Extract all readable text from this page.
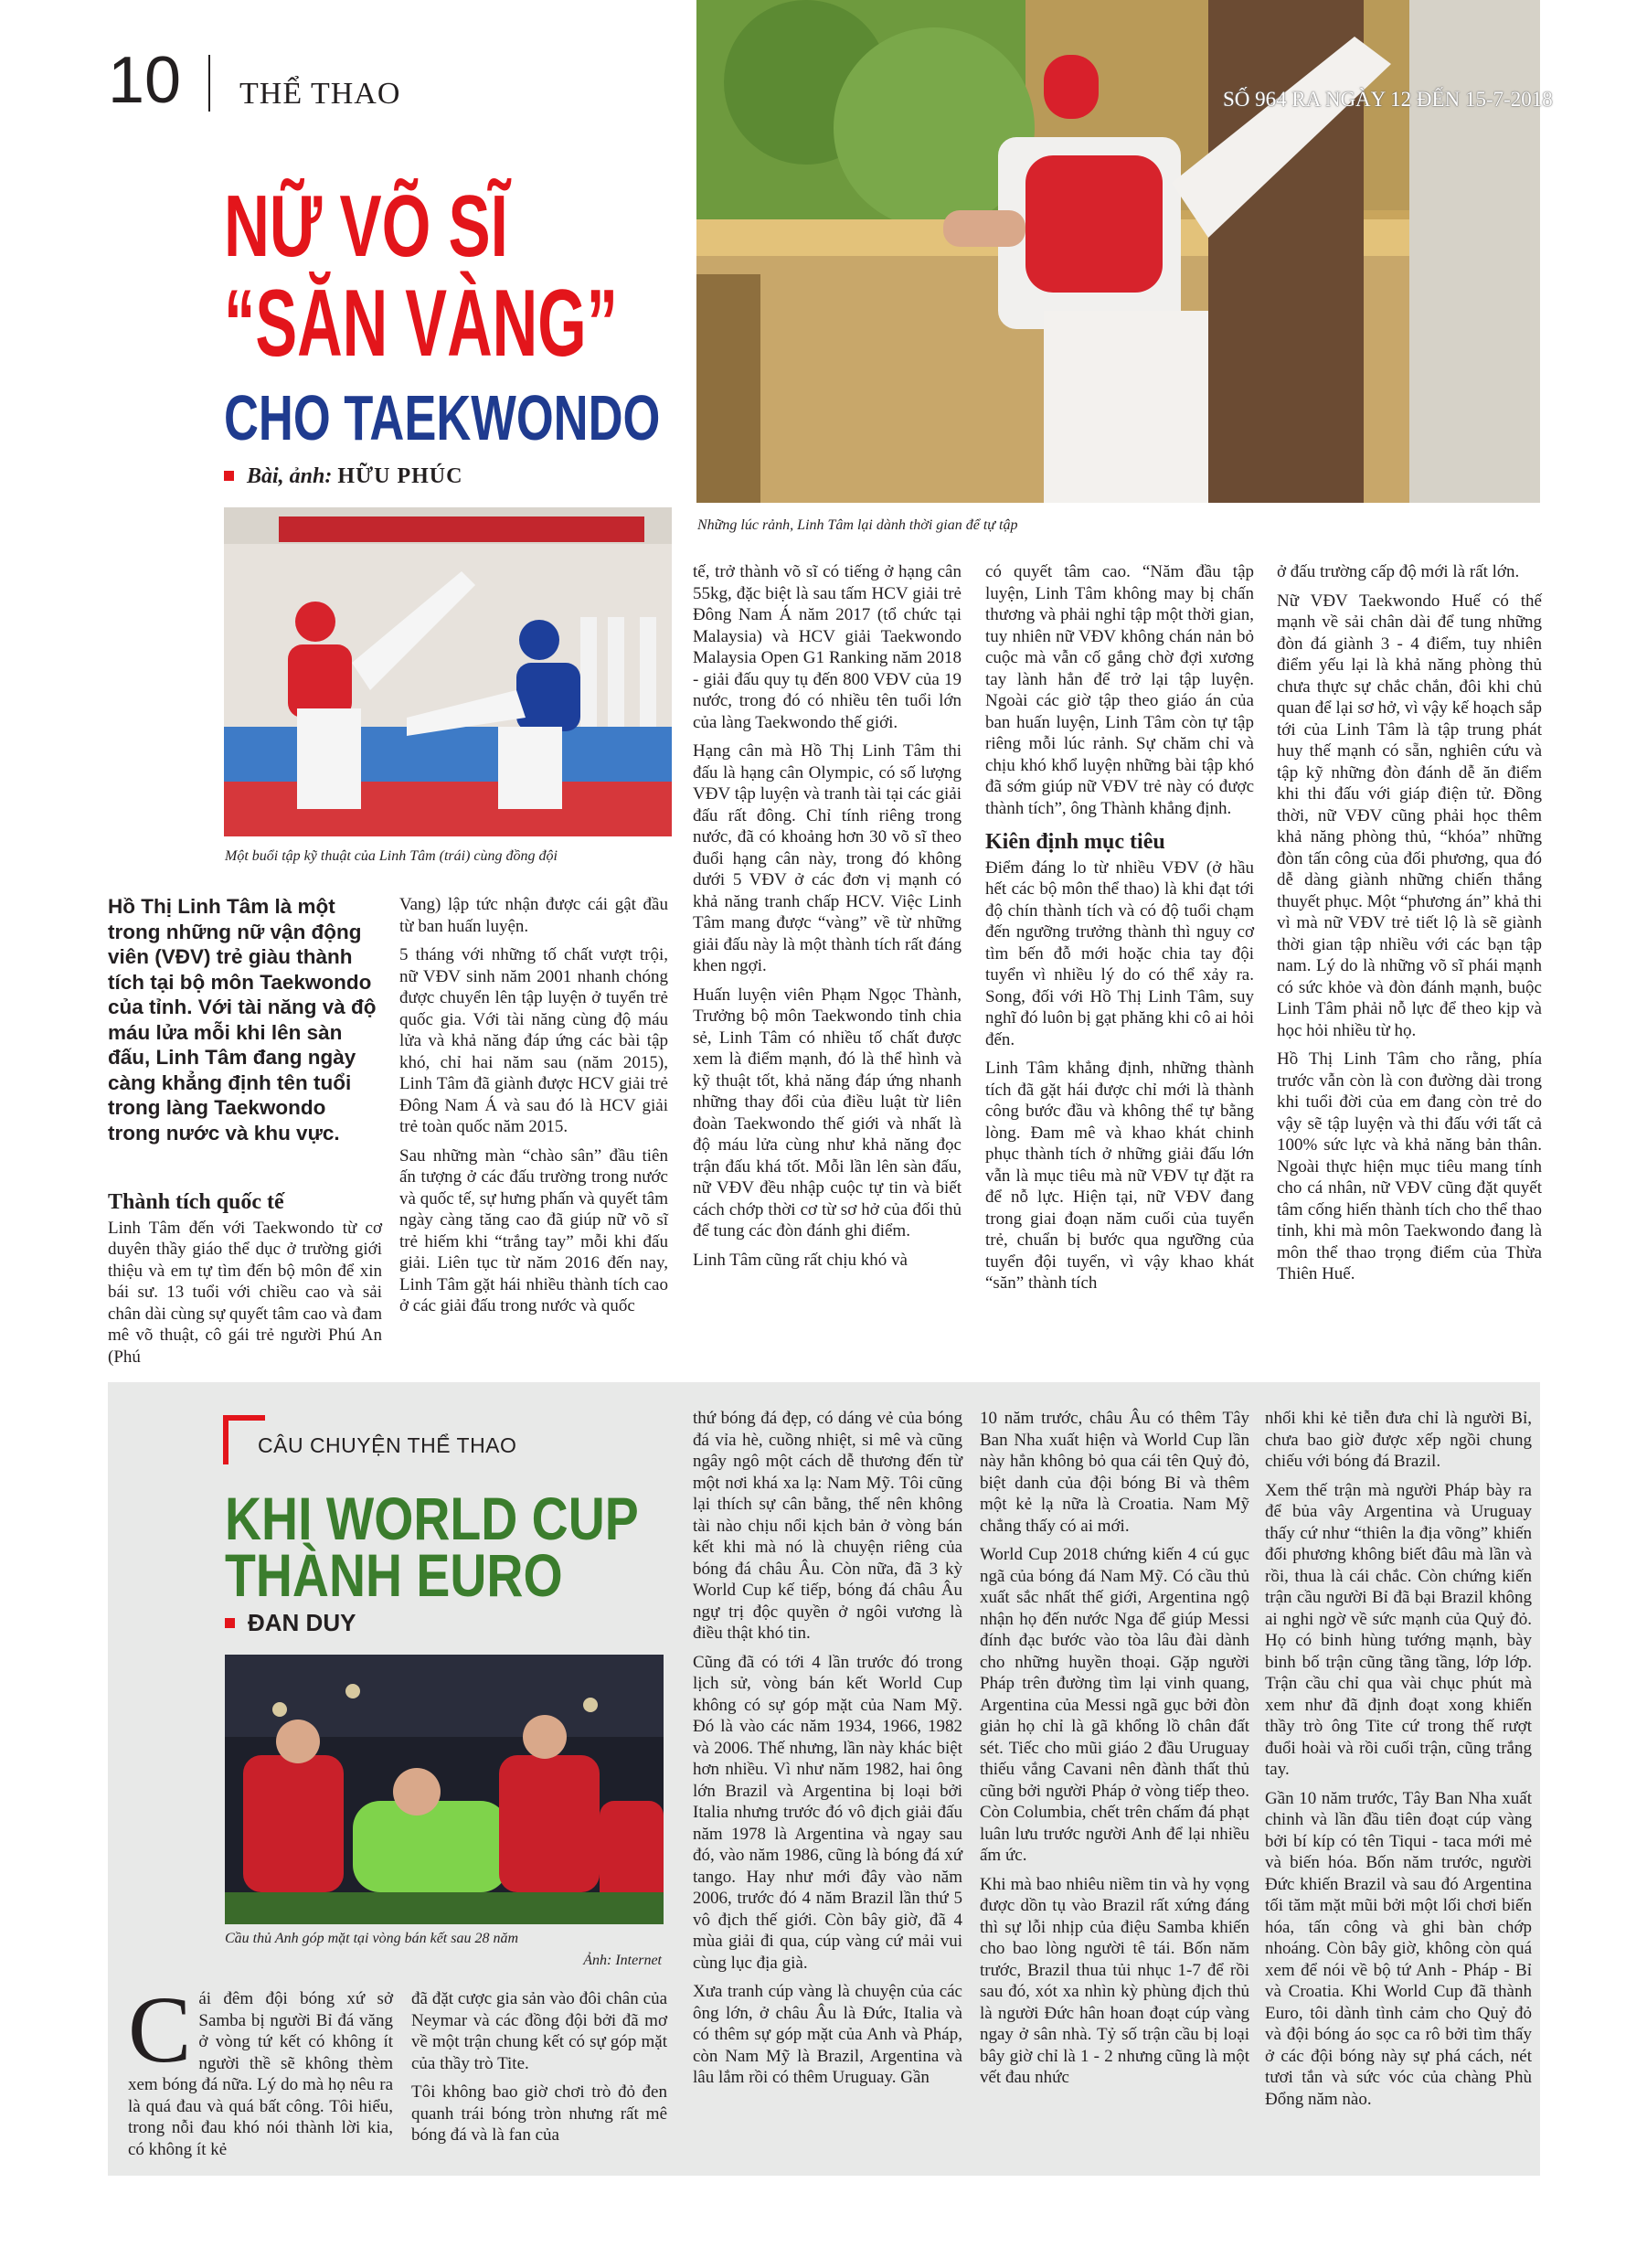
10 THỂ THAO	SỐ 964 RA NGÀY 12 ĐẾN 15-7-2018
Những lúc rảnh, Linh Tâm lại dành thời gian để tự tập
NỮ VÕ SĨ
“SĂN VÀNG”
CHO TAEKWONDO
Bài, ảnh: HỮU PHÚC
Một buổi tập kỹ thuật của Linh Tâm (trái) cùng đồng đội
Hồ Thị Linh Tâm là một trong những nữ vận động viên (VĐV) trẻ giàu thành tích tại bộ môn Taekwondo của tỉnh. Với tài năng và độ máu lửa mỗi khi lên sàn đấu, Linh Tâm đang ngày càng khẳng định tên tuổi trong làng Taekwondo trong nước và khu vực.
Thành tích quốc tế

Linh Tâm đến với Taekwondo từ cơ duyên thầy giáo thể dục ở trường giới thiệu và em tự tìm đến bộ môn để xin bái sư. 13 tuổi với chiều cao và sải chân dài cùng sự quyết tâm cao và đam mê võ thuật, cô gái trẻ người Phú An (Phú

Vang) lập tức nhận được cái gật đầu từ ban huấn luyện.

5 tháng với những tố chất vượt trội, nữ VĐV sinh năm 2001 nhanh chóng được chuyển lên tập luyện ở tuyển trẻ quốc gia. Với tài năng cùng độ máu lửa và khả năng đáp ứng các bài tập khó, chỉ hai năm sau (năm 2015), Linh Tâm đã giành được HCV giải trẻ Đông Nam Á và sau đó là HCV giải trẻ toàn quốc năm 2015.

Sau những màn “chào sân” đầu tiên ấn tượng ở các đấu trường trong nước và quốc tế, sự hưng phấn và quyết tâm ngày càng tăng cao đã giúp nữ võ sĩ trẻ hiếm khi “trắng tay” mỗi khi đấu giải. Liên tục từ năm 2016 đến nay, Linh Tâm gặt hái nhiều thành tích cao ở các giải đấu trong nước và quốc

tế, trở thành võ sĩ có tiếng ở hạng cân 55kg, đặc biệt là sau tấm HCV giải trẻ Đông Nam Á năm 2017 (tổ chức tại Malaysia) và HCV giải Taekwondo Malaysia Open G1 Ranking năm 2018 - giải đấu quy tụ đến 800 VĐV của 19 nước, trong đó có nhiều tên tuổi lớn của làng Taekwondo thế giới.

Hạng cân mà Hồ Thị Linh Tâm thi đấu là hạng cân Olympic, có số lượng VĐV tập luyện và tranh tài tại các giải đấu rất đông. Chỉ tính riêng trong nước, đã có khoảng hơn 30 võ sĩ theo đuổi hạng cân này, trong đó không dưới 5 VĐV ở các đơn vị mạnh có khả năng tranh chấp HCV. Việc Linh Tâm mang được “vàng” về từ những giải đấu này là một thành tích rất đáng khen ngợi.

Huấn luyện viên Phạm Ngọc Thành, Trưởng bộ môn Taekwondo tỉnh chia sẻ, Linh Tâm có nhiều tố chất được xem là điểm mạnh, đó là thể hình và kỹ thuật tốt, khả năng đáp ứng nhanh những thay đổi của điều luật từ liên đoàn Taekwondo thế giới và nhất là độ máu lửa cùng như khả năng đọc trận đấu khá tốt. Mỗi lần lên sàn đấu, nữ VĐV đều nhập cuộc tự tin và biết cách chớp thời cơ từ sơ hở của đối thủ để tung các đòn đánh ghi điểm.

Linh Tâm cũng rất chịu khó và

có quyết tâm cao. “Năm đầu tập luyện, Linh Tâm không may bị chấn thương và phải nghỉ tập một thời gian, tuy nhiên nữ VĐV không chán nản bỏ cuộc mà vẫn cố gắng chờ đợi xương tay lành hẳn để trở lại tập luyện. Ngoài các giờ tập theo giáo án của ban huấn luyện, Linh Tâm còn tự tập riêng mỗi lúc rảnh. Sự chăm chỉ và chịu khó khổ luyện những bài tập khó đã sớm giúp nữ VĐV trẻ này có được thành tích”, ông Thành khẳng định.

Kiên định mục tiêu

Điểm đáng lo từ nhiều VĐV (ở hầu hết các bộ môn thể thao) là khi đạt tới độ chín thành tích và có độ tuổi chạm đến ngưỡng trưởng thành thì nguy cơ tìm bến đỗ mới hoặc chia tay đội tuyển vì nhiều lý do có thể xảy ra. Song, đối với Hồ Thị Linh Tâm, suy nghĩ đó luôn bị gạt phăng khi cô ai hỏi đến.

Linh Tâm khẳng định, những thành tích đã gặt hái được chỉ mới là thành công bước đầu và không thể tự bằng lòng. Đam mê và khao khát chinh phục thành tích ở những giải đấu lớn vẫn là mục tiêu mà nữ VĐV tự đặt ra để nỗ lực. Hiện tại, nữ VĐV đang trong giai đoạn năm cuối của tuyển trẻ, chuẩn bị bước qua ngưỡng của tuyển đội tuyển, vì vậy khao khát “săn” thành tích

ở đấu trường cấp độ mới là rất lớn.

Nữ VĐV Taekwondo Huế có thế mạnh về sải chân dài để tung những đòn đá giành 3 - 4 điểm, tuy nhiên điểm yếu lại là khả năng phòng thủ chưa thực sự chắc chắn, đôi khi chủ quan để lại sơ hở, vì vậy kế hoạch sắp tới của Linh Tâm là tập trung phát huy thế mạnh có sẵn, nghiên cứu và tập kỹ những đòn đánh dễ ăn điểm khi thi đấu với giáp điện tử. Đồng thời, nữ VĐV cũng phải học thêm khả năng phòng thủ, “khóa” những đòn tấn công của đối phương, qua đó dễ dàng giành những chiến thắng thuyết phục. Một “phương án” khả thi vì mà nữ VĐV trẻ tiết lộ là sẽ giành thời gian tập nhiều với các bạn tập nam. Lý do là những võ sĩ phái mạnh có sức khỏe và đòn đánh mạnh, buộc Linh Tâm phải nỗ lực để theo kịp và học hỏi nhiều từ họ.

Hồ Thị Linh Tâm cho rằng, phía trước vẫn còn là con đường dài trong khi tuổi đời của em đang còn trẻ do vậy sẽ tập luyện và thi đấu với tất cả 100% sức lực và khả năng bản thân. Ngoài thực hiện mục tiêu mang tính cho cá nhân, nữ VĐV cũng đặt quyết tâm cống hiến thành tích cho thể thao tỉnh, khi mà môn Taekwondo đang là môn thể thao trọng điểm của Thừa Thiên Huế.

CÂU CHUYỆN THỂ THAO
KHI WORLD CUP
THÀNH EURO
ĐAN DUY
Cầu thủ Anh góp mặt tại vòng bán kết sau 28 năm
Ảnh: Internet
C ái đêm đội bóng xứ sở Samba bị người Bỉ đá văng ở vòng tứ kết có không ít người thề sẽ không thèm xem bóng đá nữa. Lý do mà họ nêu ra là quá đau và quá bất công. Tôi hiểu, trong nỗi đau khó nói thành lời kia, có không ít kẻ

đã đặt cược gia sản vào đôi chân của Neymar và các đồng đội bởi đã mơ về một trận chung kết có sự góp mặt của thầy trò Tite.

Tôi không bao giờ chơi trò đỏ đen quanh trái bóng tròn nhưng rất mê bóng đá và là fan của

thứ bóng đá đẹp, có dáng vẻ của bóng đá vỉa hè, cuồng nhiệt, si mê và cũng ngây ngô một cách dễ thương đến từ một nơi khá xa lạ: Nam Mỹ. Tôi cũng lại thích sự cân bằng, thế nên không tài nào chịu nổi kịch bản ở vòng bán kết khi mà nó là chuyện riêng của bóng đá châu Âu. Còn nữa, đã 3 kỳ World Cup kế tiếp, bóng đá châu Âu ngự trị độc quyền ở ngôi vương là điều thật khó tin.

Cũng đã có tới 4 lần trước đó trong lịch sử, vòng bán kết World Cup không có sự góp mặt của Nam Mỹ. Đó là vào các năm 1934, 1966, 1982 và 2006. Thế nhưng, lần này khác biệt hơn nhiều. Vì như năm 1982, hai ông lớn Brazil và Argentina bị loại bởi Italia nhưng trước đó vô địch giải đấu năm 1978 là Argentina và ngay sau đó, vào năm 1986, cũng là bóng đá xứ tango. Hay như mới đây vào năm 2006, trước đó 4 năm Brazil lần thứ 5 vô địch thế giới. Còn bây giờ, đã 4 mùa giải đi qua, cúp vàng cứ mải vui cùng lục địa già.

Xưa tranh cúp vàng là chuyện của các ông lớn, ở châu Âu là Đức, Italia và có thêm sự góp mặt của Anh và Pháp, còn Nam Mỹ là Brazil, Argentina và lâu lắm rồi có thêm Uruguay. Gần

10 năm trước, châu Âu có thêm Tây Ban Nha xuất hiện và World Cup lần này hẳn không bỏ qua cái tên Quỷ đỏ, biệt danh của đội bóng Bỉ và thêm một kẻ lạ nữa là Croatia. Nam Mỹ chẳng thấy có ai mới.

World Cup 2018 chứng kiến 4 cú gục ngã của bóng đá Nam Mỹ. Có cầu thủ xuất sắc nhất thế giới, Argentina ngộ nhận họ đến nước Nga để giúp Messi đính đạc bước vào tòa lâu đài dành cho những huyền thoại. Gặp người Pháp trên đường tìm lại vinh quang, Argentina của Messi ngã gục bởi đòn giản họ chỉ là gã khổng lồ chân đất sét. Tiếc cho mũi giáo 2 đầu Uruguay thiếu vắng Cavani nên đành thất thủ cũng bởi người Pháp ở vòng tiếp theo. Còn Columbia, chết trên chấm đá phạt luân lưu trước người Anh để lại nhiều ấm ức.

Khi mà bao nhiêu niềm tin và hy vọng được dồn tụ vào Brazil rất xứng đáng thì sự lỗi nhịp của điệu Samba khiến cho bao lòng người tê tái. Bốn năm trước, Brazil thua tủi nhục 1-7 để rồi sau đó, xót xa nhìn kỳ phùng địch thủ là người Đức hân hoan đoạt cúp vàng ngay ở sân nhà. Tỷ số trận cầu bị loại bây giờ chỉ là 1 - 2 nhưng cũng là một vết đau nhức

nhối khi kẻ tiễn đưa chỉ là người Bỉ, chưa bao giờ được xếp ngồi chung chiếu với bóng đá Brazil.

Xem thế trận mà người Pháp bày ra để bủa vây Argentina và Uruguay thấy cứ như “thiên la địa võng” khiến đối phương không biết đâu mà lần và rồi, thua là cái chắc. Còn chứng kiến trận cầu người Bỉ đã bại Brazil không ai nghi ngờ về sức mạnh của Quỷ đỏ. Họ có binh hùng tướng mạnh, bày binh bố trận cũng tầng tầng, lớp lớp. Trận cầu chỉ qua vài chục phút mà xem như đã định đoạt xong khiến thầy trò ông Tite cứ trong thế rượt đuổi hoài và rồi cuối trận, cũng trắng tay.

Gần 10 năm trước, Tây Ban Nha xuất chinh và lần đầu tiên đoạt cúp vàng bởi bí kíp có tên Tiqui - taca mới mẻ và biến hóa. Bốn năm trước, người Đức khiến Brazil và sau đó Argentina tối tăm mặt mũi bởi một lối chơi biến hóa, tấn công và ghi bàn chớp nhoáng. Còn bây giờ, không còn quá xem để nói về bộ tứ Anh - Pháp - Bỉ và Croatia. Khi World Cup đã thành Euro, tôi dành tình cảm cho Quỷ đỏ và đội bóng áo sọc ca rô bởi tìm thấy ở các đội bóng này sự phá cách, nét tươi tắn và sức vóc của chàng Phù Đổng năm nào.
